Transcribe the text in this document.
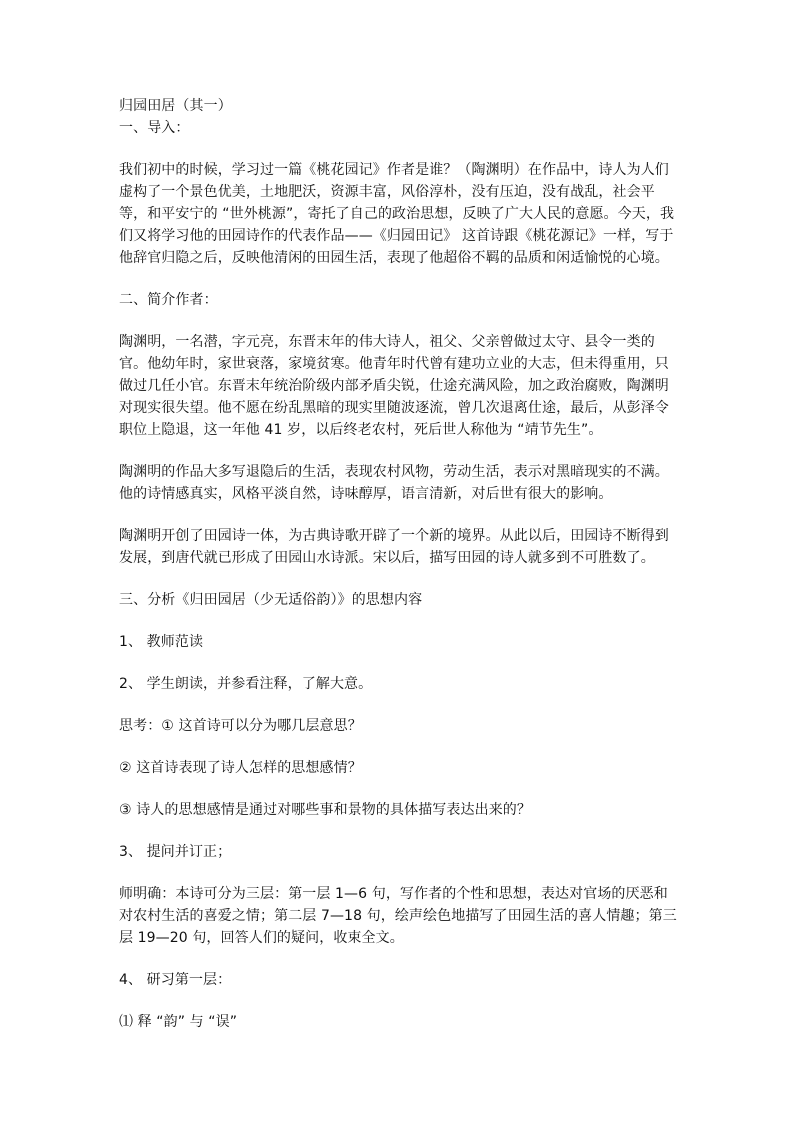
归园田居（其一）

一、导入：

我们初中的时候，学习过一篇《桃花园记》作者是谁？（陶渊明）在作品中，诗人为人们虚构了一个景色优美，土地肥沃，资源丰富，风俗淳朴，没有压迫，没有战乱，社会平等，和平安宁的 “世外桃源”，寄托了自己的政治思想，反映了广大人民的意愿。今天，我们又将学习他的田园诗作的代表作品——《归园田记》 这首诗跟《桃花源记》一样，写于他辞官归隐之后，反映他清闲的田园生活，表现了他超俗不羁的品质和闲适愉悦的心境。

二、简介作者：

陶渊明，一名潜，字元亮，东晋末年的伟大诗人，祖父、父亲曾做过太守、县令一类的官。他幼年时，家世衰落，家境贫寒。他青年时代曾有建功立业的大志，但未得重用，只做过几任小官。东晋末年统治阶级内部矛盾尖锐，仕途充满风险，加之政治腐败，陶渊明对现实很失望。他不愿在纷乱黑暗的现实里随波逐流，曾几次退离仕途，最后，从彭泽令职位上隐退，这一年他 41 岁，以后终老农村，死后世人称他为 “靖节先生”。

陶渊明的作品大多写退隐后的生活，表现农村风物，劳动生活，表示对黑暗现实的不满。他的诗情感真实，风格平淡自然，诗味醇厚，语言清新，对后世有很大的影响。

陶渊明开创了田园诗一体，为古典诗歌开辟了一个新的境界。从此以后，田园诗不断得到发展，到唐代就已形成了田园山水诗派。宋以后，描写田园的诗人就多到不可胜数了。

三、分析《归田园居（少无适俗韵）》的思想内容

1、 教师范读

2、 学生朗读，并参看注释，了解大意。

思考：① 这首诗可以分为哪几层意思？

② 这首诗表现了诗人怎样的思想感情？

③ 诗人的思想感情是通过对哪些事和景物的具体描写表达出来的？

3、 提问并订正；

师明确：本诗可分为三层：第一层 1—6 句，写作者的个性和思想，表达对官场的厌恶和对农村生活的喜爱之情；第二层 7—18 句，绘声绘色地描写了田园生活的喜人情趣；第三层 19—20 句，回答人们的疑问，收束全文。

4、 研习第一层：

⑴ 释 “韵” 与 “误”
